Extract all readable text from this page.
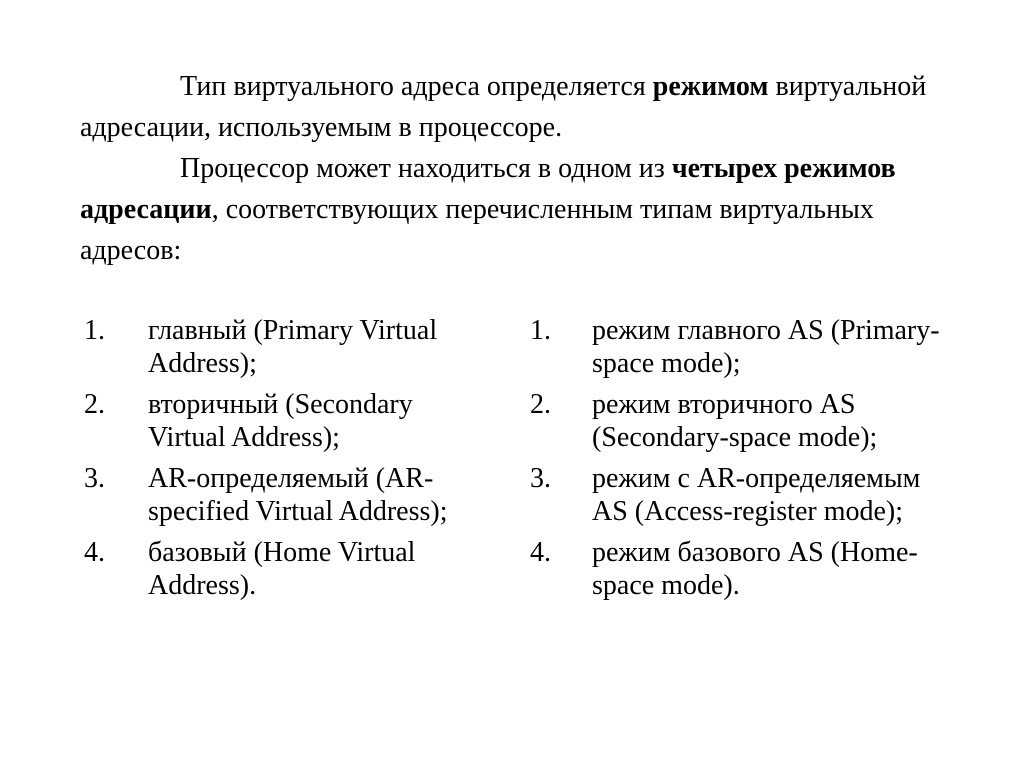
Тип виртуального адреса определяется режимом виртуальной адресации, используемым в процессоре.

Процессор может находиться в одном из четырех режимов адресации, соответствующих перечисленным типам виртуальных адресов:

1. главный (Primary Virtual Address);
2. вторичный (Secondary Virtual Address);
3. AR-определяемый (AR-specified Virtual Address);
4. базовый (Home Virtual Address).
1. режим главного AS (Primary-space mode);
2. режим вторичного AS (Secondary-space mode);
3. режим с AR-определяемым AS (Access-register mode);
4. режим базового AS (Home-space mode).
